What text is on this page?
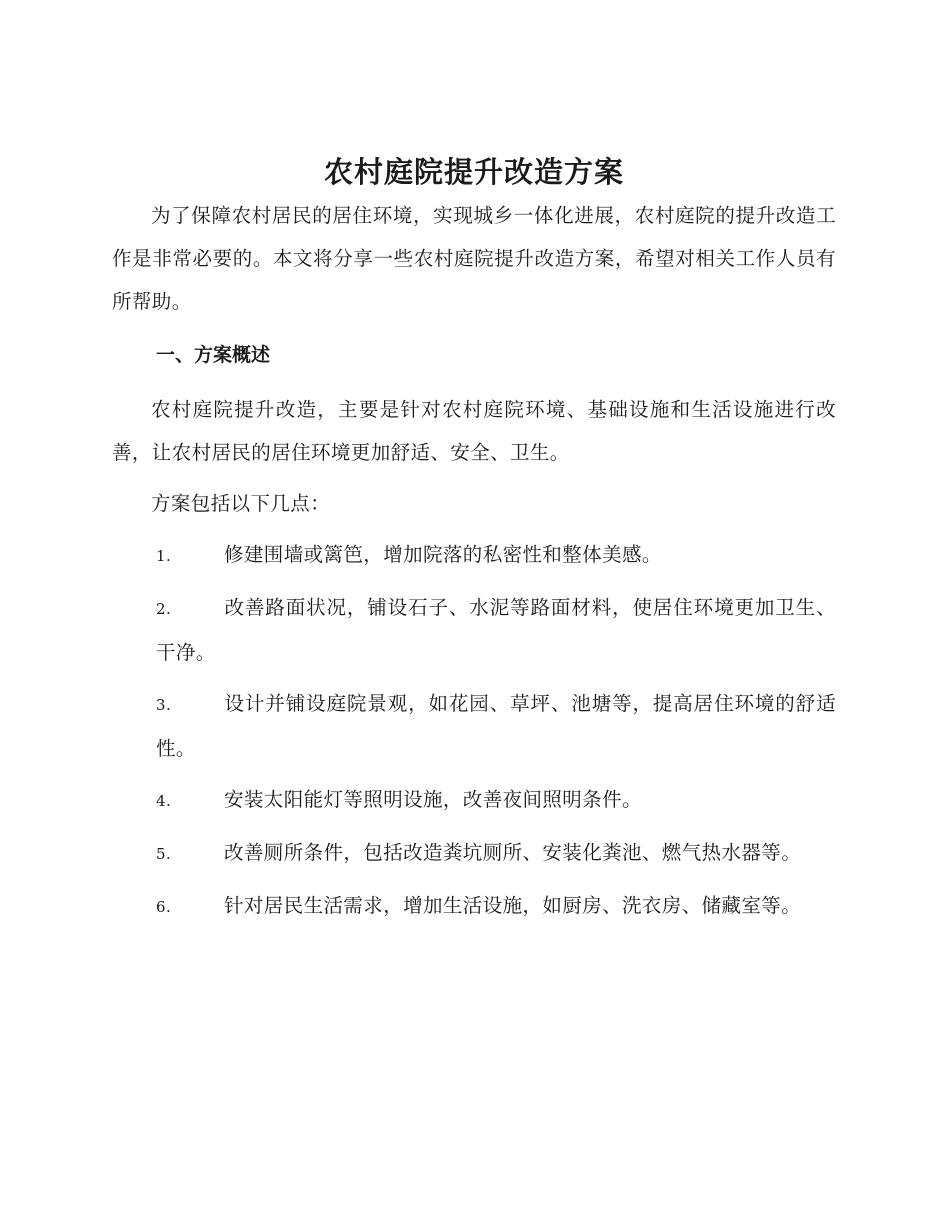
农村庭院提升改造方案

为了保障农村居民的居住环境，实现城乡一体化进展，农村庭院的提升改造工作是非常必要的。本文将分享一些农村庭院提升改造方案，希望对相关工作人员有所帮助。

一、方案概述

农村庭院提升改造，主要是针对农村庭院环境、基础设施和生活设施进行改善，让农村居民的居住环境更加舒适、安全、卫生。

方案包括以下几点：

1.	修建围墙或篱笆，增加院落的私密性和整体美感。
2.	改善路面状况，铺设石子、水泥等路面材料，使居住环境更加卫生、干净。
3.	设计并铺设庭院景观，如花园、草坪、池塘等，提高居住环境的舒适性。
4.	安装太阳能灯等照明设施，改善夜间照明条件。
5.	改善厕所条件，包括改造粪坑厕所、安装化粪池、燃气热水器等。
6.	针对居民生活需求，增加生活设施，如厨房、洗衣房、储藏室等。
